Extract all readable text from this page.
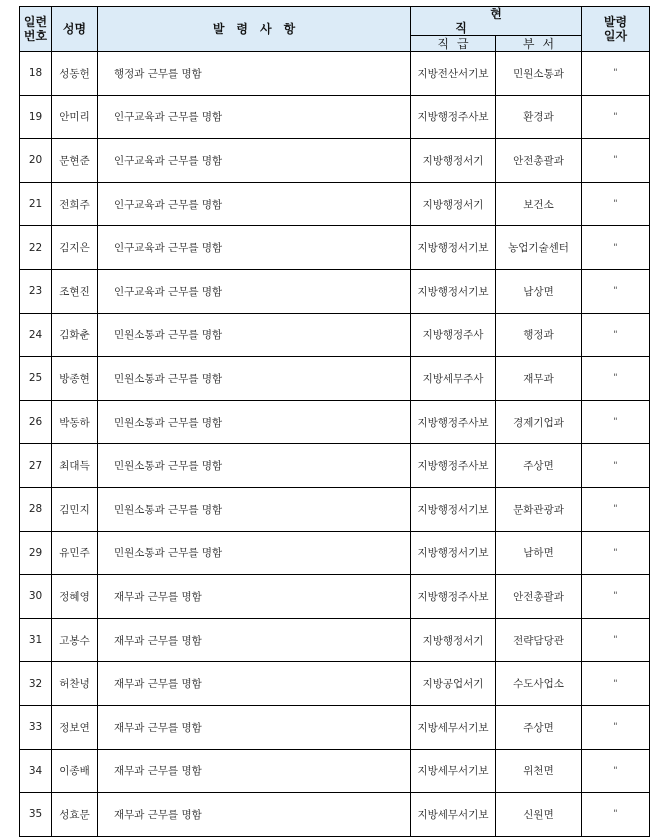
일련
번호	성명	발령사항	현직		발령
일자

			직급	부서	
18	성동헌	행정과 근무를 명함	지방전산서기보	민원소통과	"
19	안미리	인구교육과 근무를 명함	지방행정주사보	환경과	"
20	문현준	인구교육과 근무를 명함	지방행정서기	안전총괄과	"
21	전희주	인구교육과 근무를 명함	지방행정서기	보건소	"
22	김지은	인구교육과 근무를 명함	지방행정서기보	농업기술센터	"
23	조현진	인구교육과 근무를 명함	지방행정서기보	남상면	"
24	김화춘	민원소통과 근무를 명함	지방행정주사	행정과	"
25	방종현	민원소통과 근무를 명함	지방세무주사	재무과	"
26	박동하	민원소통과 근무를 명함	지방행정주사보	경제기업과	"
27	최대득	민원소통과 근무를 명함	지방행정주사보	주상면	"
28	김민지	민원소통과 근무를 명함	지방행정서기보	문화관광과	"
29	유민주	민원소통과 근무를 명함	지방행정서기보	남하면	"
30	정혜영	재무과 근무를 명함	지방행정주사보	안전총괄과	"
31	고봉수	재무과 근무를 명함	지방행정서기	전략담당관	"
32	허찬녕	재무과 근무를 명함	지방공업서기	수도사업소	"
33	정보연	재무과 근무를 명함	지방세무서기보	주상면	"
34	이종배	재무과 근무를 명함	지방세무서기보	위천면	"
35	성효문	재무과 근무를 명함	지방세무서기보	신원면	"
